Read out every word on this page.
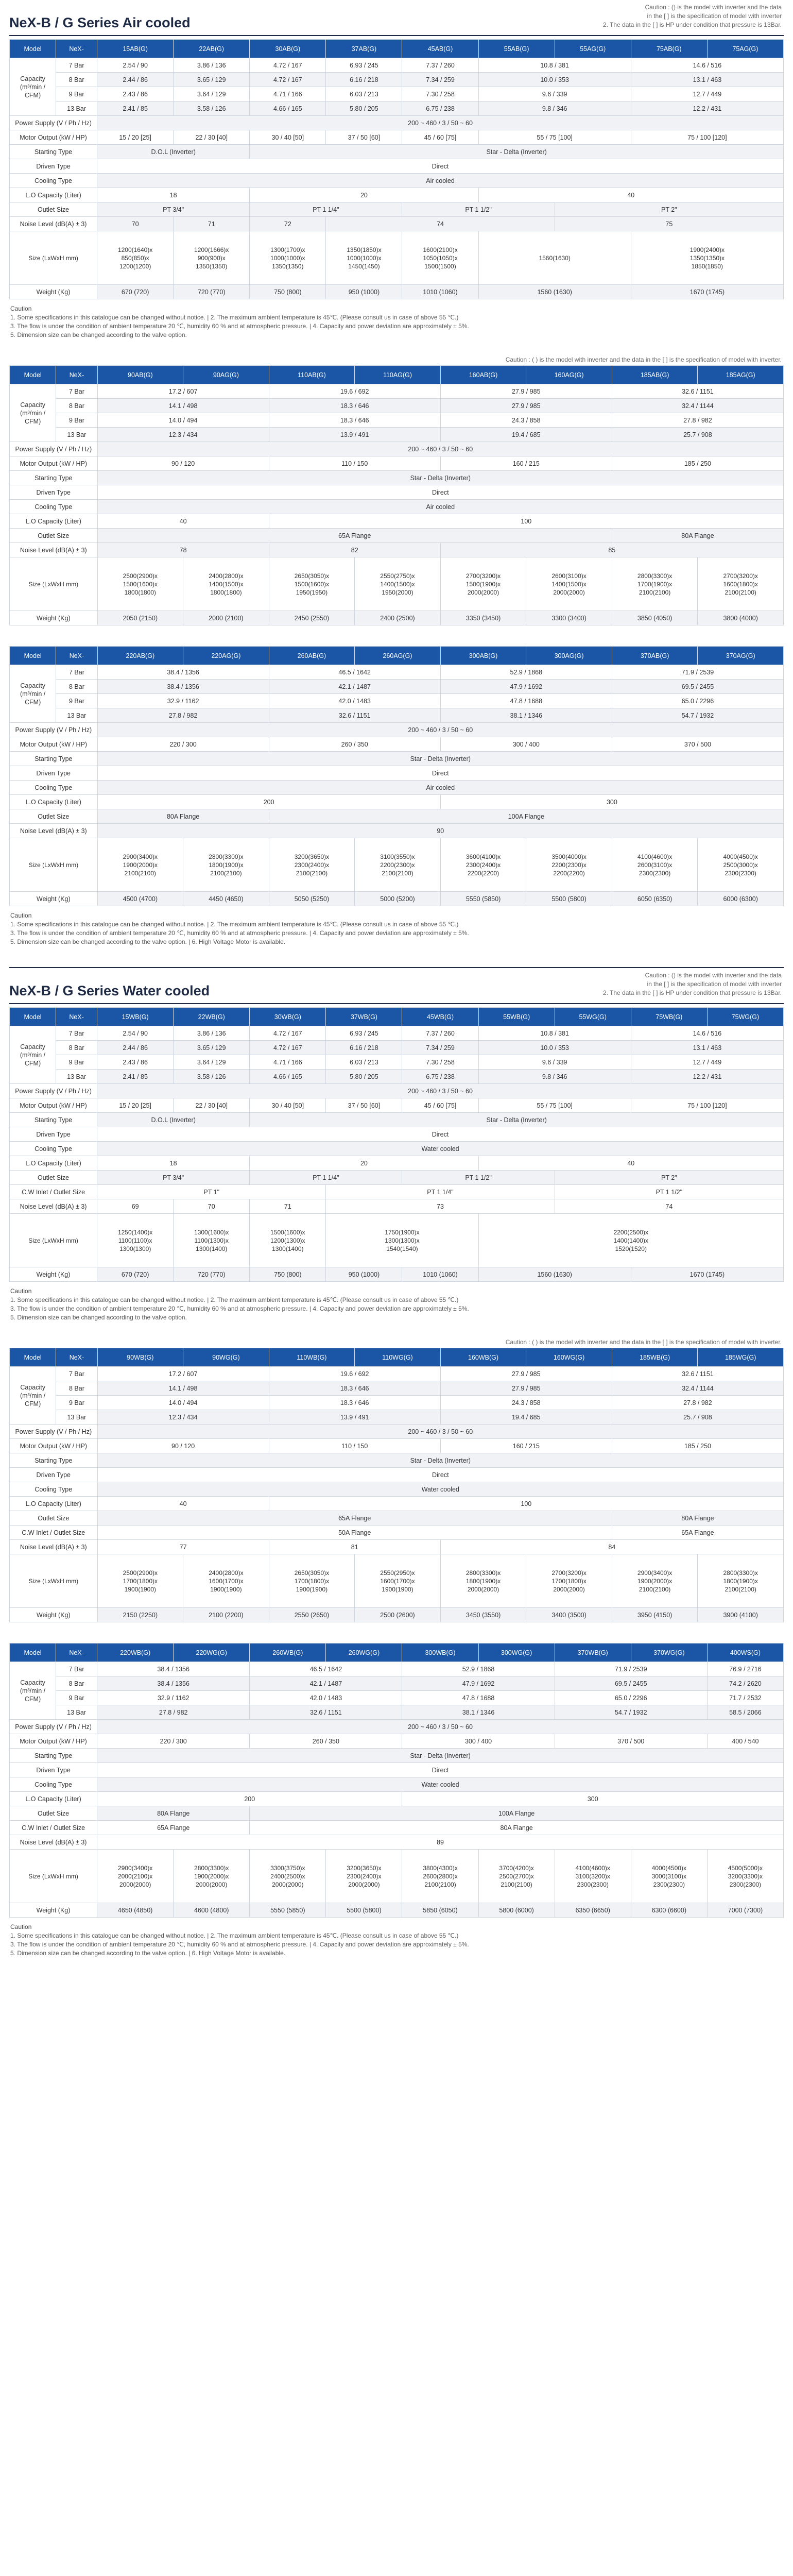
NeX-B / G Series Air cooled
Caution : () is the model with inverter and the data
in the [ ] is the specification of model with inverter
2. The data in the [ ] is HP under condition that pressure is 13Bar.
Model	NeX-	15AB(G)	22AB(G)	30AB(G)	37AB(G)	45AB(G)	55AB(G)	55AG(G)	75AB(G)	75AG(G)
Capacity (m³/min / CFM)	7 Bar	2.54 / 90	3.86 / 136	4.72 / 167	6.93 / 245	7.37 / 260	10.8 / 381		14.6 / 516	
	8 Bar	2.44 / 86	3.65 / 129	4.72 / 167	6.16 / 218	7.34 / 259	10.0 / 353		13.1 / 463	
	9 Bar	2.43 / 86	3.64 / 129	4.71 / 166	6.03 / 213	7.30 / 258	9.6 / 339		12.7 / 449	
	13 Bar	2.41 / 85	3.58 / 126	4.66 / 165	5.80 / 205	6.75 / 238	9.8 / 346		12.2 / 431	
Power Supply (V / Ph / Hz)		200 ~ 460 / 3 / 50 ~ 60								
Motor Output (kW / HP)		15 / 20 [25]	22 / 30 [40]	30 / 40 [50]	37 / 50 [60]	45 / 60 [75]	55 / 75 [100]		75 / 100 [120]	
Starting Type		D.O.L (Inverter)		Star - Delta (Inverter)						
Driven Type		Direct								
Cooling Type		Air cooled								
L.O Capacity (Liter)		18		20			40			
Outlet Size		PT 3/4"		PT 1 1/4"		PT 1 1/2"		PT 2"		
Noise Level (dB(A) ± 3)		70	71	72	74			75		
Size (LxWxH mm)		1200(1640)x
850(850)x
1200(1200)	1200(1666)x
900(900)x
1350(1350)	1300(1700)x
1000(1000)x
1350(1350)	1350(1850)x
1000(1000)x
1450(1450)	1600(2100)x
1050(1050)x
1500(1500)	1560(1630)		1900(2400)x
1350(1350)x
1850(1850)	
Weight (Kg)		670 (720)	720 (770)	750 (800)	950 (1000)	1010 (1060)	1560 (1630)		1670 (1745)	
Caution
1. Some specifications in this catalogue can be changed without notice. | 2. The maximum ambient temperature is 45℃. (Please consult us in case of above 55 ℃.)
3. The flow is under the condition of ambient temperature 20 ℃, humidity 60 % and at atmospheric pressure. | 4. Capacity and power deviation are approximately ± 5%.
5. Dimension size can be changed according to the valve option.
Caution : ( ) is the model with inverter and the data in the [ ] is the specification of model with inverter.
Model	NeX-	90AB(G)	90AG(G)	110AB(G)	110AG(G)	160AB(G)	160AG(G)	185AB(G)	185AG(G)
Capacity (m³/min / CFM)	7 Bar	17.2 / 607		19.6 / 692		27.9 / 985		32.6 / 1151	
	8 Bar	14.1 / 498		18.3 / 646		27.9 / 985		32.4 / 1144	
	9 Bar	14.0 / 494		18.3 / 646		24.3 / 858		27.8 / 982	
	13 Bar	12.3 / 434		13.9 / 491		19.4 / 685		25.7 / 908	
Power Supply (V / Ph / Hz)		200 ~ 460 / 3 / 50 ~ 60							
Motor Output (kW / HP)		90 / 120		110 / 150		160 / 215		185 / 250	
Starting Type		Star - Delta (Inverter)							
Driven Type		Direct							
Cooling Type		Air cooled							
L.O Capacity (Liter)		40		100					
Outlet Size		65A Flange						80A Flange	
Noise Level (dB(A) ± 3)		78		82		85			
Size (LxWxH mm)		2500(2900)x
1500(1600)x
1800(1800)	2400(2800)x
1400(1500)x
1800(1800)	2650(3050)x
1500(1600)x
1950(1950)	2550(2750)x
1400(1500)x
1950(2000)	2700(3200)x
1500(1900)x
2000(2000)	2600(3100)x
1400(1500)x
2000(2000)	2800(3300)x
1700(1900)x
2100(2100)	2700(3200)x
1600(1800)x
2100(2100)
Weight (Kg)		2050 (2150)	2000 (2100)	2450 (2550)	2400 (2500)	3350 (3450)	3300 (3400)	3850 (4050)	3800 (4000)
Model	NeX-	220AB(G)	220AG(G)	260AB(G)	260AG(G)	300AB(G)	300AG(G)	370AB(G)	370AG(G)
Capacity (m³/min / CFM)	7 Bar	38.4 / 1356		46.5 / 1642		52.9 / 1868		71.9 / 2539	
	8 Bar	38.4 / 1356		42.1 / 1487		47.9 / 1692		69.5 / 2455	
	9 Bar	32.9 / 1162		42.0 / 1483		47.8 / 1688		65.0 / 2296	
	13 Bar	27.8 / 982		32.6 / 1151		38.1 / 1346		54.7 / 1932	
Power Supply (V / Ph / Hz)		200 ~ 460 / 3 / 50 ~ 60							
Motor Output (kW / HP)		220 / 300		260 / 350		300 / 400		370 / 500	
Starting Type		Star - Delta (Inverter)							
Driven Type		Direct							
Cooling Type		Air cooled							
L.O Capacity (Liter)		200				300			
Outlet Size		80A Flange		100A Flange					
Noise Level (dB(A) ± 3)		90							
Size (LxWxH mm)		2900(3400)x
1900(2000)x
2100(2100)	2800(3300)x
1800(1900)x
2100(2100)	3200(3650)x
2300(2400)x
2100(2100)	3100(3550)x
2200(2300)x
2100(2100)	3600(4100)x
2300(2400)x
2200(2200)	3500(4000)x
2200(2300)x
2200(2200)	4100(4600)x
2600(3100)x
2300(2300)	4000(4500)x
2500(3000)x
2300(2300)
Weight (Kg)		4500 (4700)	4450 (4650)	5050 (5250)	5000 (5200)	5550 (5850)	5500 (5800)	6050 (6350)	6000 (6300)
Caution
1. Some specifications in this catalogue can be changed without notice. | 2. The maximum ambient temperature is 45℃. (Please consult us in case of above 55 ℃.)
3. The flow is under the condition of ambient temperature 20 ℃, humidity 60 % and at atmospheric pressure. | 4. Capacity and power deviation are approximately ± 5%.
5. Dimension size can be changed according to the valve option. | 6. High Voltage Motor is available.
NeX-B / G Series Water cooled
Caution : () is the model with inverter and the data
in the [ ] is the specification of model with inverter
2. The data in the [ ] is HP under condition that pressure is 13Bar.
Model	NeX-	15WB(G)	22WB(G)	30WB(G)	37WB(G)	45WB(G)	55WB(G)	55WG(G)	75WB(G)	75WG(G)
Capacity (m³/min / CFM)	7 Bar	2.54 / 90	3.86 / 136	4.72 / 167	6.93 / 245	7.37 / 260	10.8 / 381		14.6 / 516	
	8 Bar	2.44 / 86	3.65 / 129	4.72 / 167	6.16 / 218	7.34 / 259	10.0 / 353		13.1 / 463	
	9 Bar	2.43 / 86	3.64 / 129	4.71 / 166	6.03 / 213	7.30 / 258	9.6 / 339		12.7 / 449	
	13 Bar	2.41 / 85	3.58 / 126	4.66 / 165	5.80 / 205	6.75 / 238	9.8 / 346		12.2 / 431	
Power Supply (V / Ph / Hz)		200 ~ 460 / 3 / 50 ~ 60								
Motor Output (kW / HP)		15 / 20 [25]	22 / 30 [40]	30 / 40 [50]	37 / 50 [60]	45 / 60 [75]	55 / 75 [100]		75 / 100 [120]	
Starting Type		D.O.L (Inverter)		Star - Delta (Inverter)						
Driven Type		Direct								
Cooling Type		Water cooled								
L.O Capacity (Liter)		18		20			40			
Outlet Size		PT 3/4"		PT 1 1/4"		PT 1 1/2"		PT 2"		
C.W Inlet / Outlet Size		PT 1"			PT 1 1/4"			PT 1 1/2"		
Noise Level (dB(A) ± 3)		69	70	71	73			74		
Size (LxWxH mm)		1250(1400)x
1100(1100)x
1300(1300)	1300(1600)x
1100(1300)x
1300(1400)	1500(1600)x
1200(1300)x
1300(1400)	1750(1900)x
1300(1300)x
1540(1540)		2200(2500)x
1400(1400)x
1520(1520)			
Weight (Kg)		670 (720)	720 (770)	750 (800)	950 (1000)	1010 (1060)	1560 (1630)		1670 (1745)	
Caution
1. Some specifications in this catalogue can be changed without notice. | 2. The maximum ambient temperature is 45℃. (Please consult us in case of above 55 ℃.)
3. The flow is under the condition of ambient temperature 20 ℃, humidity 60 % and at atmospheric pressure. | 4. Capacity and power deviation are approximately ± 5%.
5. Dimension size can be changed according to the valve option.
Caution : ( ) is the model with inverter and the data in the [ ] is the specification of model with inverter.
Model	NeX-	90WB(G)	90WG(G)	110WB(G)	110WG(G)	160WB(G)	160WG(G)	185WB(G)	185WG(G)
Capacity (m³/min / CFM)	7 Bar	17.2 / 607		19.6 / 692		27.9 / 985		32.6 / 1151	
	8 Bar	14.1 / 498		18.3 / 646		27.9 / 985		32.4 / 1144	
	9 Bar	14.0 / 494		18.3 / 646		24.3 / 858		27.8 / 982	
	13 Bar	12.3 / 434		13.9 / 491		19.4 / 685		25.7 / 908	
Power Supply (V / Ph / Hz)		200 ~ 460 / 3 / 50 ~ 60							
Motor Output (kW / HP)		90 / 120		110 / 150		160 / 215		185 / 250	
Starting Type		Star - Delta (Inverter)							
Driven Type		Direct							
Cooling Type		Water cooled							
L.O Capacity (Liter)		40		100					
Outlet Size		65A Flange						80A Flange	
C.W Inlet / Outlet Size		50A Flange						65A Flange	
Noise Level (dB(A) ± 3)		77		81		84			
Size (LxWxH mm)		2500(2900)x
1700(1800)x
1900(1900)	2400(2800)x
1600(1700)x
1900(1900)	2650(3050)x
1700(1800)x
1900(1900)	2550(2950)x
1600(1700)x
1900(1900)	2800(3300)x
1800(1900)x
2000(2000)	2700(3200)x
1700(1800)x
2000(2000)	2900(3400)x
1900(2000)x
2100(2100)	2800(3300)x
1800(1900)x
2100(2100)
Weight (Kg)		2150 (2250)	2100 (2200)	2550 (2650)	2500 (2600)	3450 (3550)	3400 (3500)	3950 (4150)	3900 (4100)
Model	NeX-	220WB(G)	220WG(G)	260WB(G)	260WG(G)	300WB(G)	300WG(G)	370WB(G)	370WG(G)	400WS(G)
Capacity (m³/min / CFM)	7 Bar	38.4 / 1356		46.5 / 1642		52.9 / 1868		71.9 / 2539		76.9 / 2716
	8 Bar	38.4 / 1356		42.1 / 1487		47.9 / 1692		69.5 / 2455		74.2 / 2620
	9 Bar	32.9 / 1162		42.0 / 1483		47.8 / 1688		65.0 / 2296		71.7 / 2532
	13 Bar	27.8 / 982		32.6 / 1151		38.1 / 1346		54.7 / 1932		58.5 / 2066
Power Supply (V / Ph / Hz)		200 ~ 460 / 3 / 50 ~ 60								
Motor Output (kW / HP)		220 / 300		260 / 350		300 / 400		370 / 500		400 / 540
Starting Type		Star - Delta (Inverter)								
Driven Type		Direct								
Cooling Type		Water cooled								
L.O Capacity (Liter)		200				300				
Outlet Size		80A Flange		100A Flange						
C.W Inlet / Outlet Size		65A Flange		80A Flange						
Noise Level (dB(A) ± 3)		89								
Size (LxWxH mm)		2900(3400)x
2000(2100)x
2000(2000)	2800(3300)x
1900(2000)x
2000(2000)	3300(3750)x
2400(2500)x
2000(2000)	3200(3650)x
2300(2400)x
2000(2000)	3800(4300)x
2600(2800)x
2100(2100)	3700(4200)x
2500(2700)x
2100(2100)	4100(4600)x
3100(3200)x
2300(2300)	4000(4500)x
3000(3100)x
2300(2300)	4500(5000)x
3200(3300)x
2300(2300)
Weight (Kg)		4650 (4850)	4600 (4800)	5550 (5850)	5500 (5800)	5850 (6050)	5800 (6000)	6350 (6650)	6300 (6600)	7000 (7300)
Caution
1. Some specifications in this catalogue can be changed without notice. | 2. The maximum ambient temperature is 45℃. (Please consult us in case of above 55 ℃.)
3. The flow is under the condition of ambient temperature 20 ℃, humidity 60 % and at atmospheric pressure. | 4. Capacity and power deviation are approximately ± 5%.
5. Dimension size can be changed according to the valve option. | 6. High Voltage Motor is available.
